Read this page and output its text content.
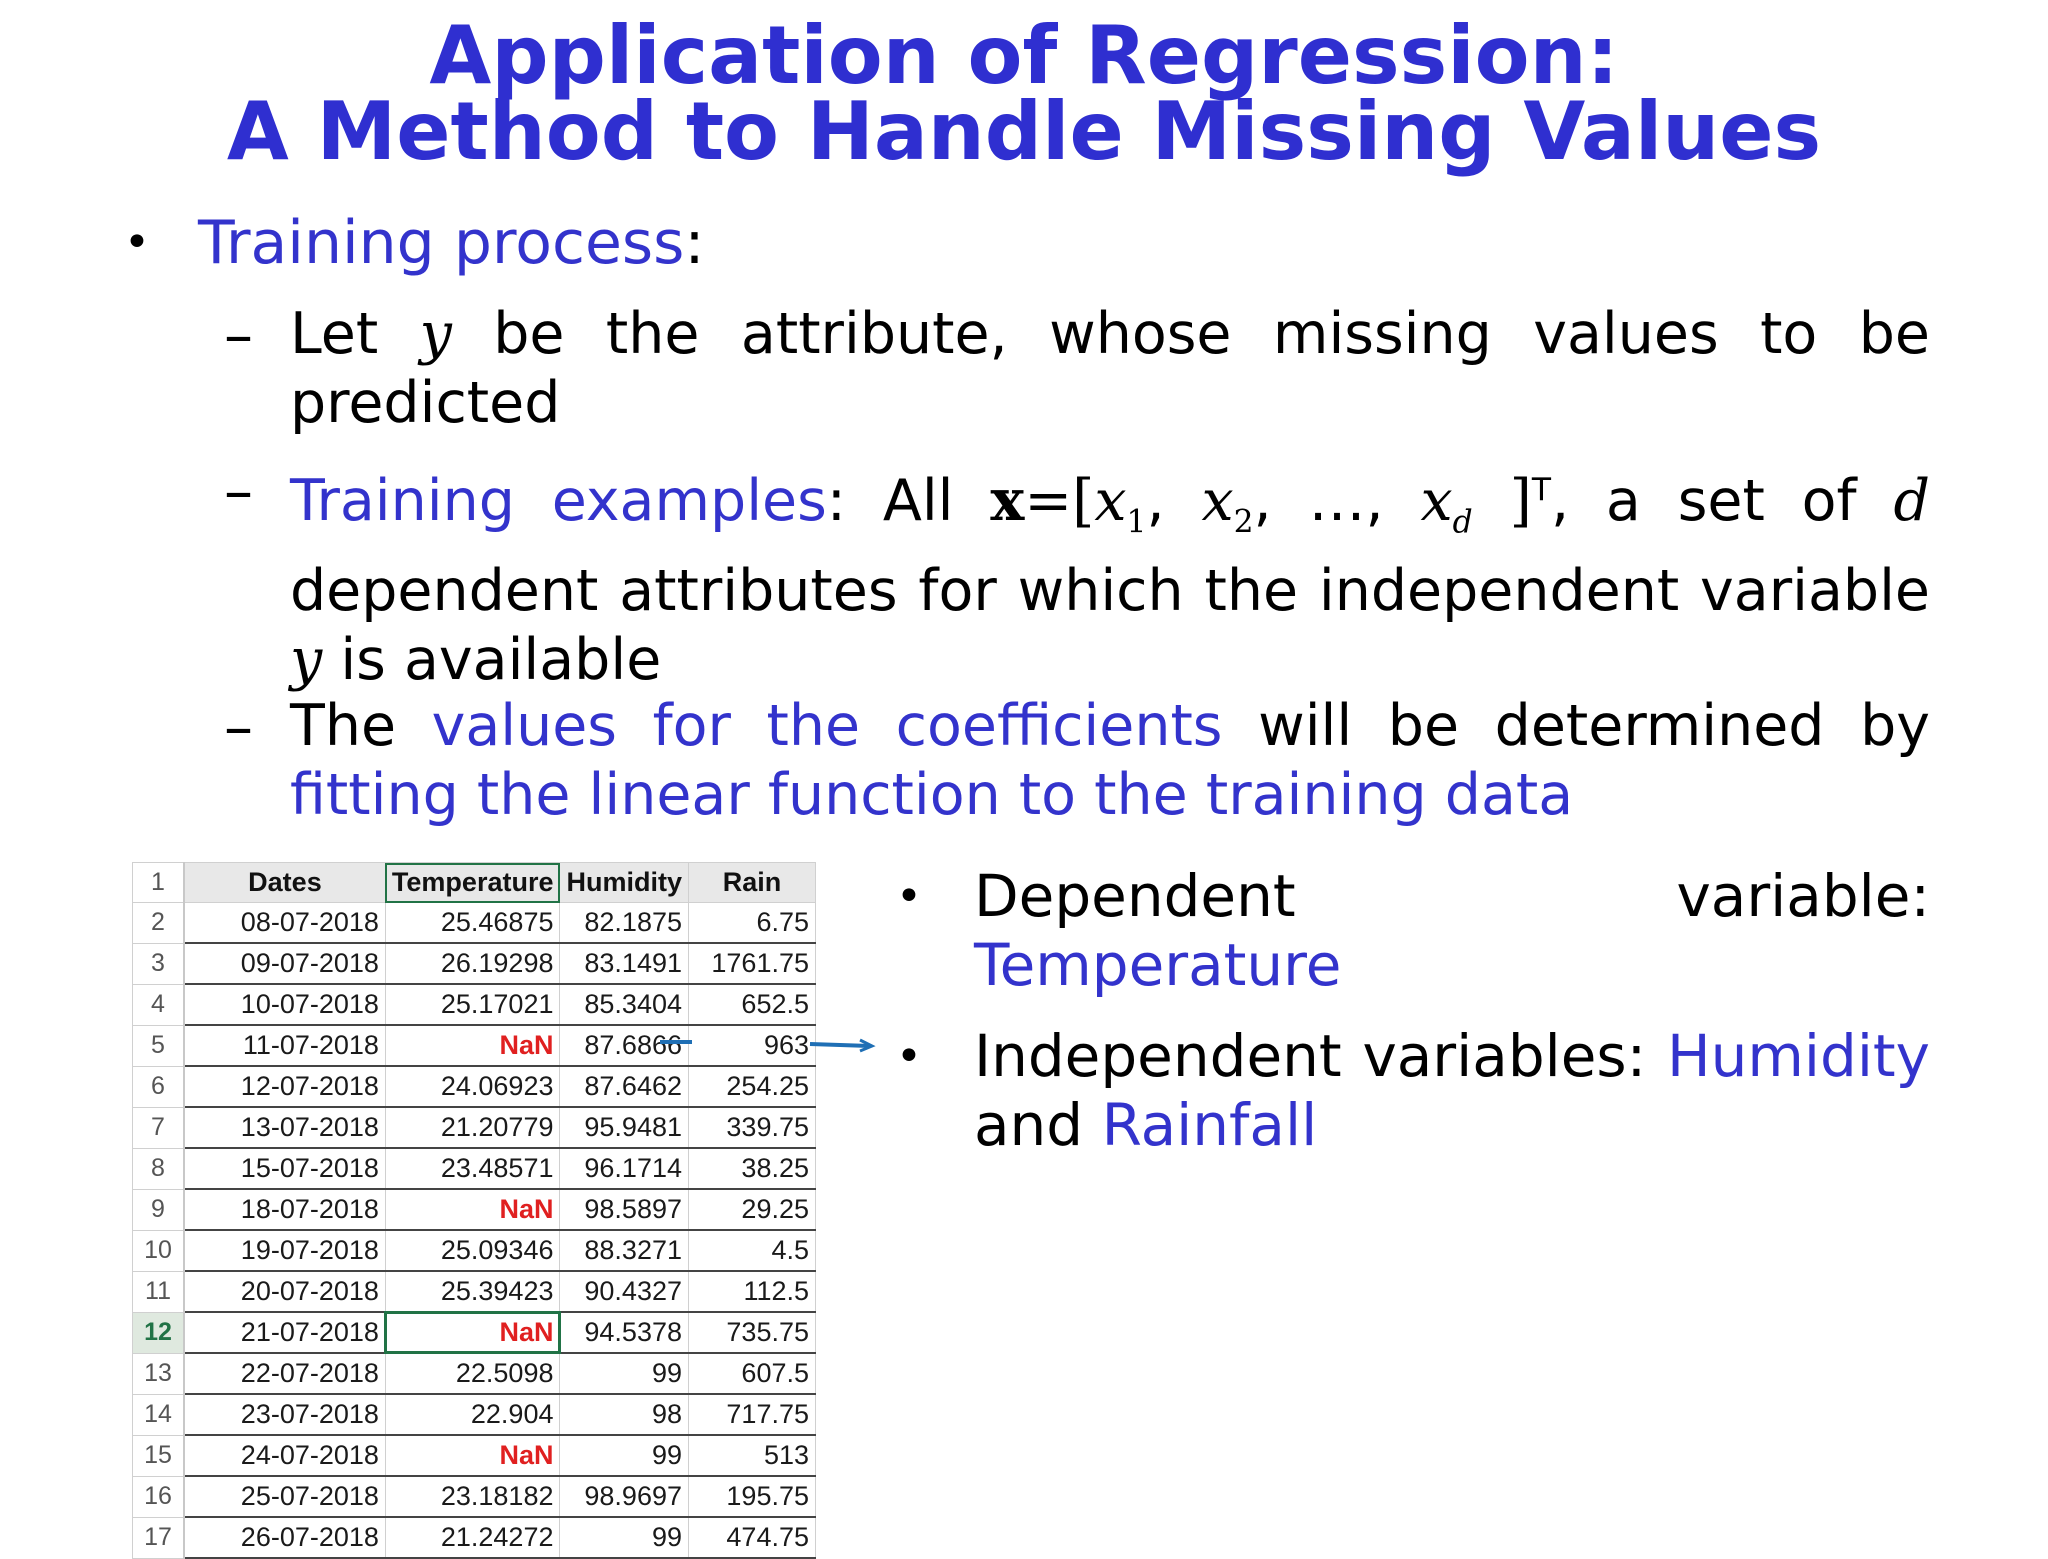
Application of Regression:
A Method to Handle Missing Values
• Training process:
– Let y be the attribute, whose missing values to be predicted
– Training examples: All $x=[x_1$, $x_2$, …, $x_d$ ]$^T$, a set of d dependent attributes for which the independent variable y is available
– The values for the coefficients will be determined by fitting the linear function to the training data
1	Dates	Temperature	Humidity	Rain
2	08-07-2018	25.46875	82.1875	6.75
3	09-07-2018	26.19298	83.1491	1761.75
4	10-07-2018	25.17021	85.3404	652.5
5	11-07-2018	NaN	87.6866	963
6	12-07-2018	24.06923	87.6462	254.25
7	13-07-2018	21.20779	95.9481	339.75
8	15-07-2018	23.48571	96.1714	38.25
9	18-07-2018	NaN	98.5897	29.25
10	19-07-2018	25.09346	88.3271	4.5
11	20-07-2018	25.39423	90.4327	112.5
12	21-07-2018	NaN	94.5378	735.75
13	22-07-2018	22.5098	99	607.5
14	23-07-2018	22.904	98	717.75
15	24-07-2018	NaN	99	513
16	25-07-2018	23.18182	98.9697	195.75
17	26-07-2018	21.24272	99	474.75
• Dependent variable: Temperature
• Independent variables: Humidity and Rainfall
